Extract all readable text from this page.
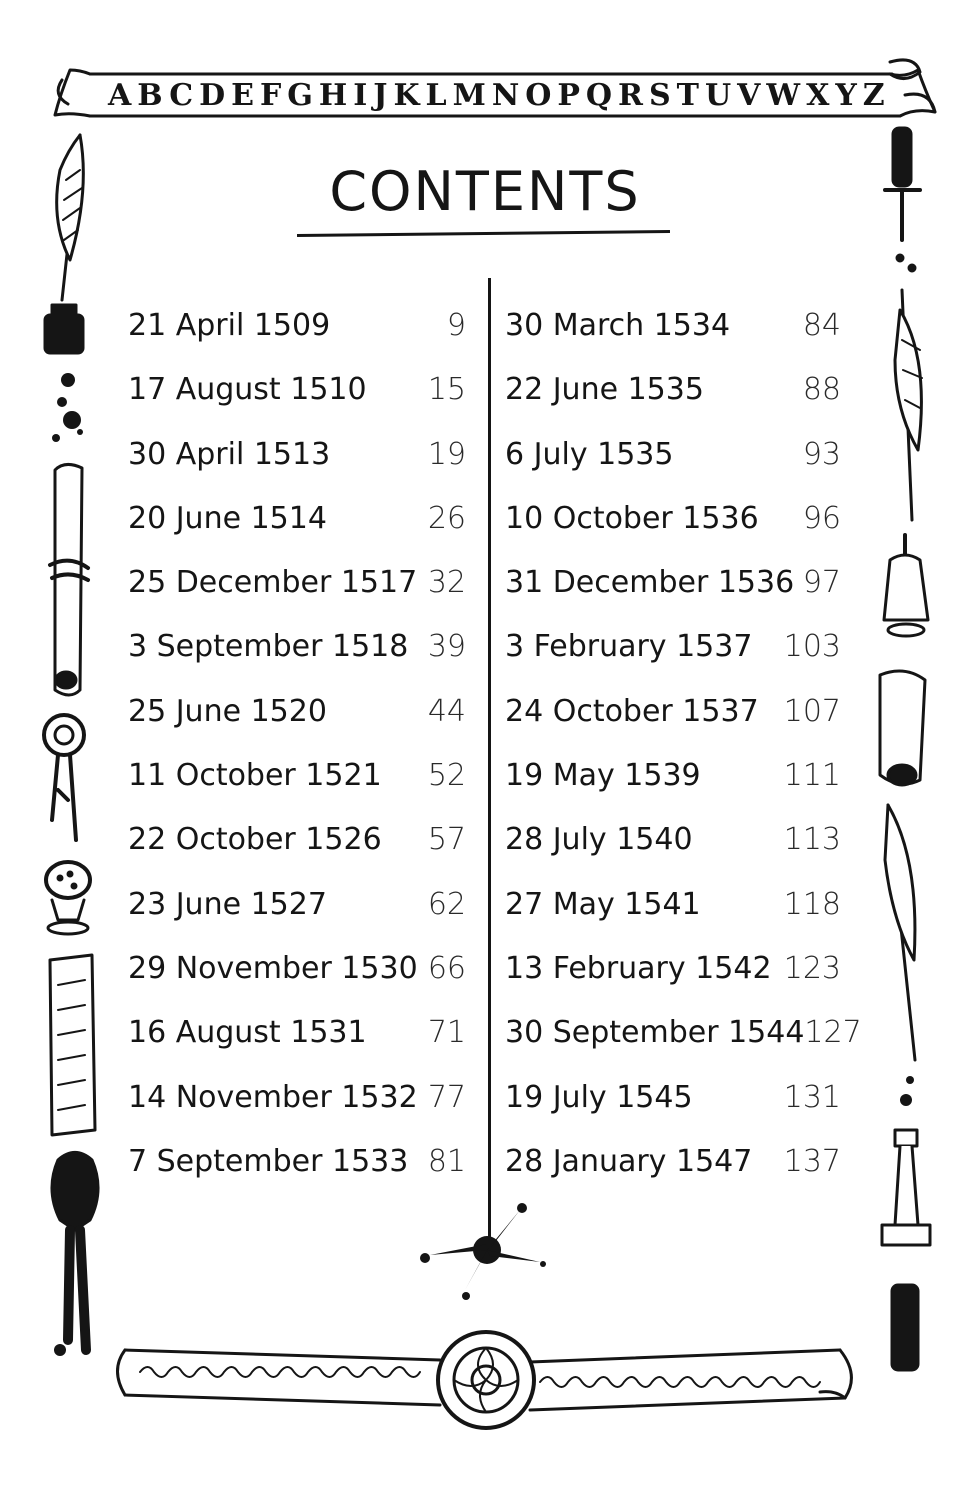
ABCDEFGHIJKLMNOPQRSTUVWXYZ
CONTENTS
21 April 1509	9
17 August 1510 15
30 April 1513	19
20 June 1514	26
25 December 1517 32
3 September 1518 39
25 June 1520	44
11 October 1521 52
22 October 1526 57
23 June 1527	62
29 November 1530 66
16 August 1531 71
14 November 1532 77
7 September 1533 81
30 March 1534 84
22 June 1535	88
6 July 1535	93
10 October 1536 96
31 December 1536 97
3 February 1537 103
24 October 1537 107
19 May 1539	111
28 July 1540	113
27 May 1541	118
13 February 1542 123
30 September 1544 127
19 July 1545	131
28 January 1547 137
